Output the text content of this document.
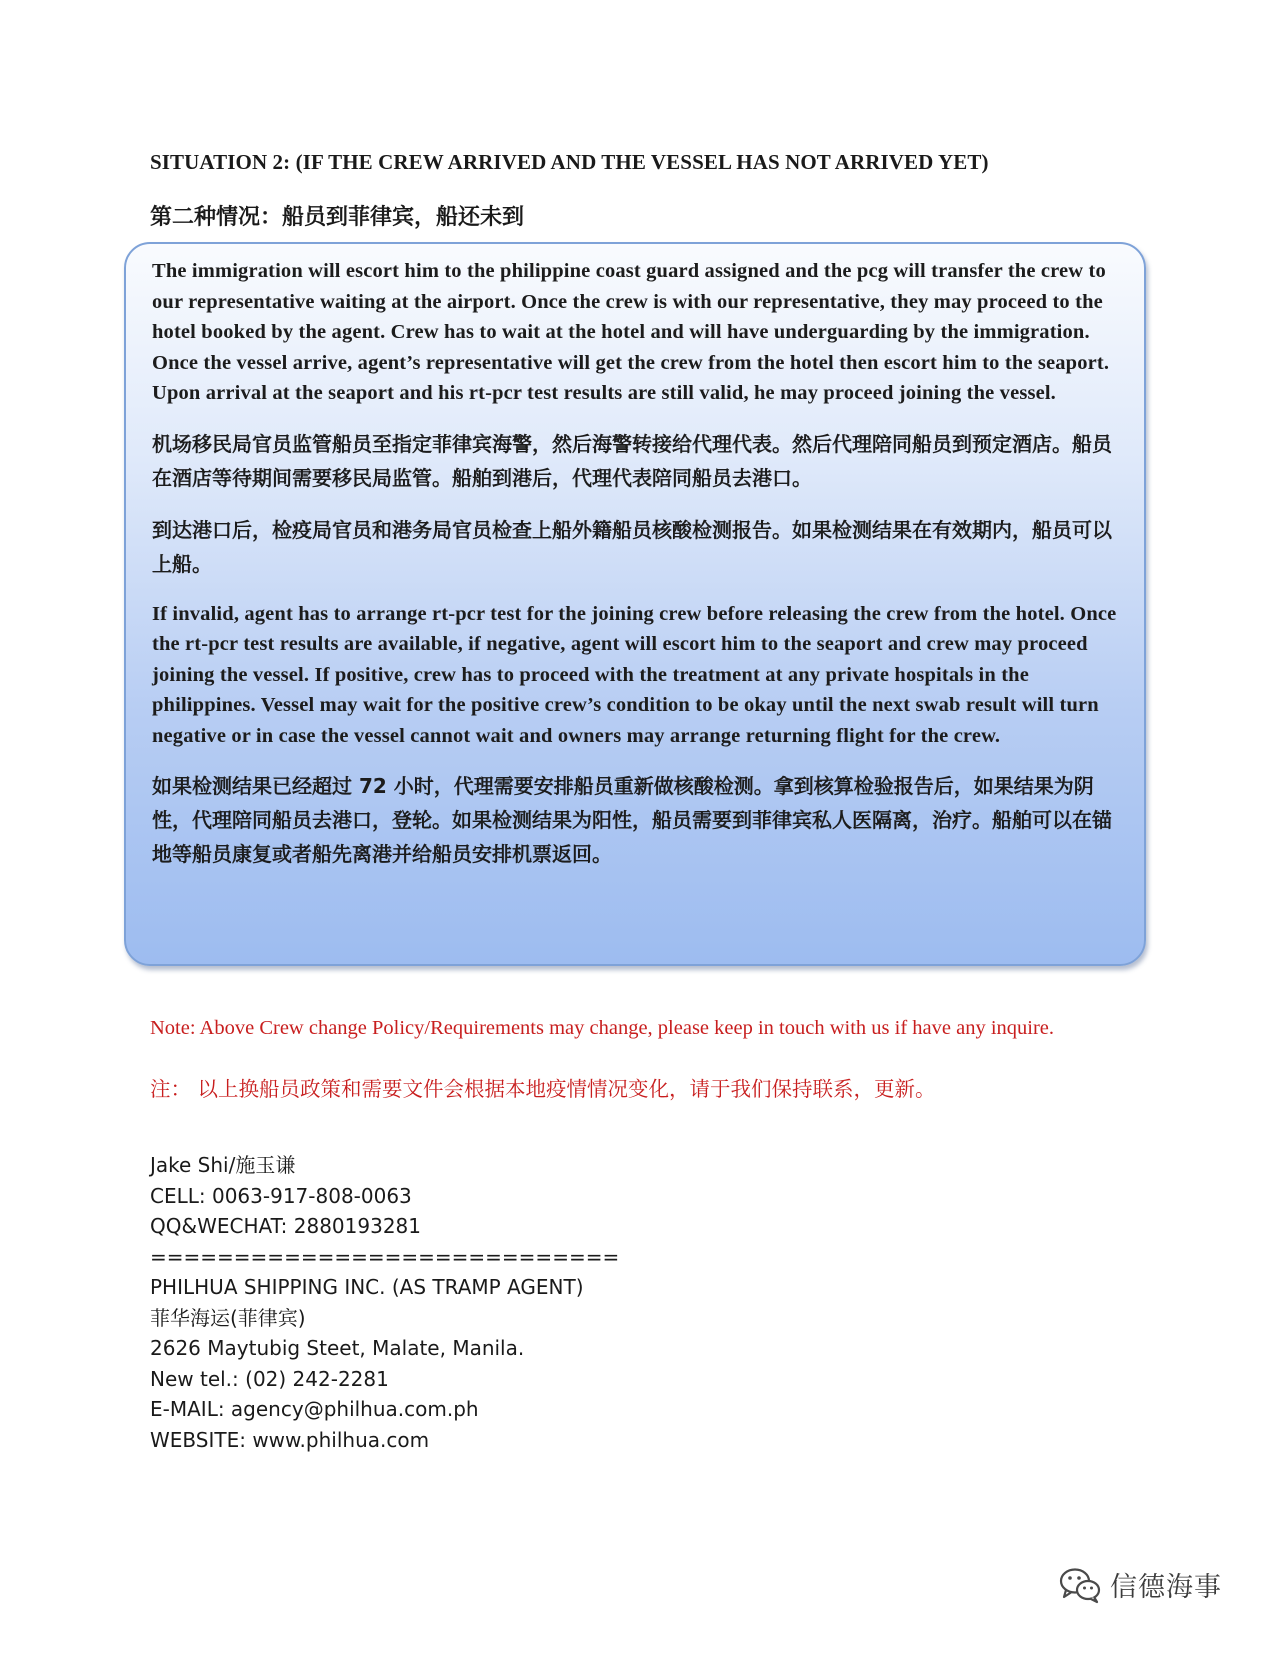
SITUATION 2: (IF THE CREW ARRIVED AND THE VESSEL HAS NOT ARRIVED YET)
第二种情况：船员到菲律宾，船还未到

The immigration will escort him to the philippine coast guard assigned and the pcg will transfer the crew to our representative waiting at the airport. Once the crew is with our representative, they may proceed to the hotel booked by the agent. Crew has to wait at the hotel and will have underguarding by the immigration. Once the vessel arrive, agent’s representative will get the crew from the hotel then escort him to the seaport. Upon arrival at the seaport and his rt-pcr test results are still valid, he may proceed joining the vessel.

机场移民局官员监管船员至指定菲律宾海警，然后海警转接给代理代表。然后代理陪同船员到预定酒店。船员在酒店等待期间需要移民局监管。船舶到港后，代理代表陪同船员去港口。

到达港口后，检疫局官员和港务局官员检查上船外籍船员核酸检测报告。如果检测结果在有效期内，船员可以上船。

If invalid, agent has to arrange rt-pcr test for the joining crew before releasing the crew from the hotel. Once the rt-pcr test results are available, if negative, agent will escort him to the seaport and crew may proceed joining the vessel. If positive, crew has to proceed with the treatment at any private hospitals in the philippines. Vessel may wait for the positive crew’s condition to be okay until the next swab result will turn negative or in case the vessel cannot wait and owners may arrange returning flight for the crew.

如果检测结果已经超过 72 小时，代理需要安排船员重新做核酸检测。拿到核算检验报告后，如果结果为阴性，代理陪同船员去港口，登轮。如果检测结果为阳性，船员需要到菲律宾私人医隔离，治疗。船舶可以在锚地等船员康复或者船先离港并给船员安排机票返回。

Note: Above Crew change Policy/Requirements may change, please keep in touch with us if have any inquire.
注： 以上换船员政策和需要文件会根据本地疫情情况变化，请于我们保持联系，更新。
Jake Shi/施玉谦
CELL: 0063-917-808-0063
QQ&WECHAT: 2880193281
============================
PHILHUA SHIPPING INC. (AS TRAMP AGENT)
菲华海运(菲律宾)
2626 Maytubig Steet, Malate, Manila.
New tel.: (02) 242-2281
E-MAIL: agency@philhua.com.ph
WEBSITE: www.philhua.com
信德海事
